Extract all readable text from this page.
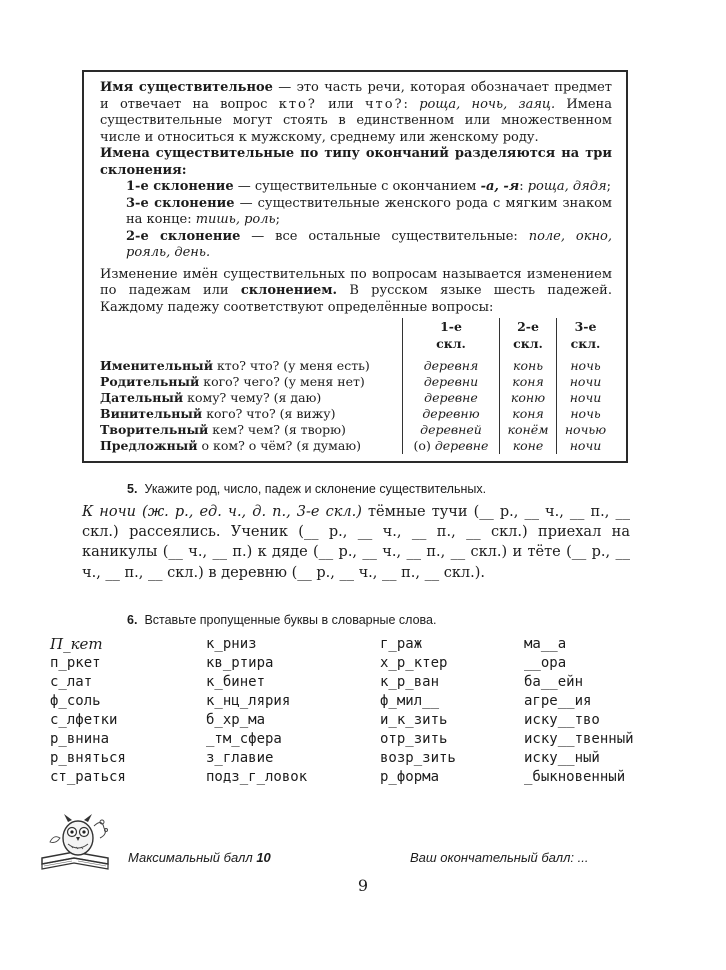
Имя существительное — это часть речи, которая обозначает предмет и отвечает на вопрос кто? или что?: роща, ночь, заяц. Имена существительные могут стоять в единственном или множественном числе и относиться к мужскому, среднему или женскому роду.

Имена существительные по типу окончаний разделяются на три склонения:

1-е склонение — существительные с окончанием -а, -я: роща, дядя;

3-е склонение — существительные женского рода с мягким знаком на конце: тишь, роль;

2-е склонение — все остальные существительные: поле, окно, рояль, день.

Изменение имён существительных по вопросам называется изменением по падежам или склонением. В русском языке шесть падежей. Каждому падежу соответствуют определённые вопросы:

	1-е	2-е	3-е
	скл.	скл.	скл.

Именительный кто? что? (у меня есть)	деревня	конь	ночь
Родительный кого? чего? (у меня нет)	деревни	коня	ночи
Дательный кому? чему? (я даю)	деревне	коню	ночи
Винительный кого? что? (я вижу)	деревню	коня	ночь
Творительный кем? чем? (я творю)	деревней	конём	ночью
Предложный о ком? о чём? (я думаю)	(о) деревне	коне	ночи
5. Укажите род, число, падеж и склонение существительных.

К ночи (ж. р., ед. ч., д. п., 3-е скл.) тёмные тучи (__ р., __ ч., __ п., __ скл.) рассеялись. Ученик (__ р., __ ч., __ п., __ скл.) приехал на каникулы (__ ч., __ п.) к дяде (__ р., __ ч., __ п., __ скл.) и тёте (__ р., __ ч., __ п., __ скл.) в деревню (__ р., __ ч., __ п., __ скл.).

6. Вставьте пропущенные буквы в словарные слова.
П_кет
п_ркет
с_лат
ф_соль
с_лфетки
р_внина
р_вняться
ст_раться
к_рниз
кв_ртира
к_бинет
к_нц_лярия
б_хр_ма
_тм_сфера
з_главие
подз_г_ловок
г_раж
х_р_ктер
к_р_ван
ф_мил__
и_к_зить
отр_зить
возр_зить
р_форма
ма__а
__ора
ба__ейн
агре__ия
иску__тво
иску__твенный
иску__ный
_быкновенный
Максимальный балл 10	Ваш окончательный балл: ...
9
